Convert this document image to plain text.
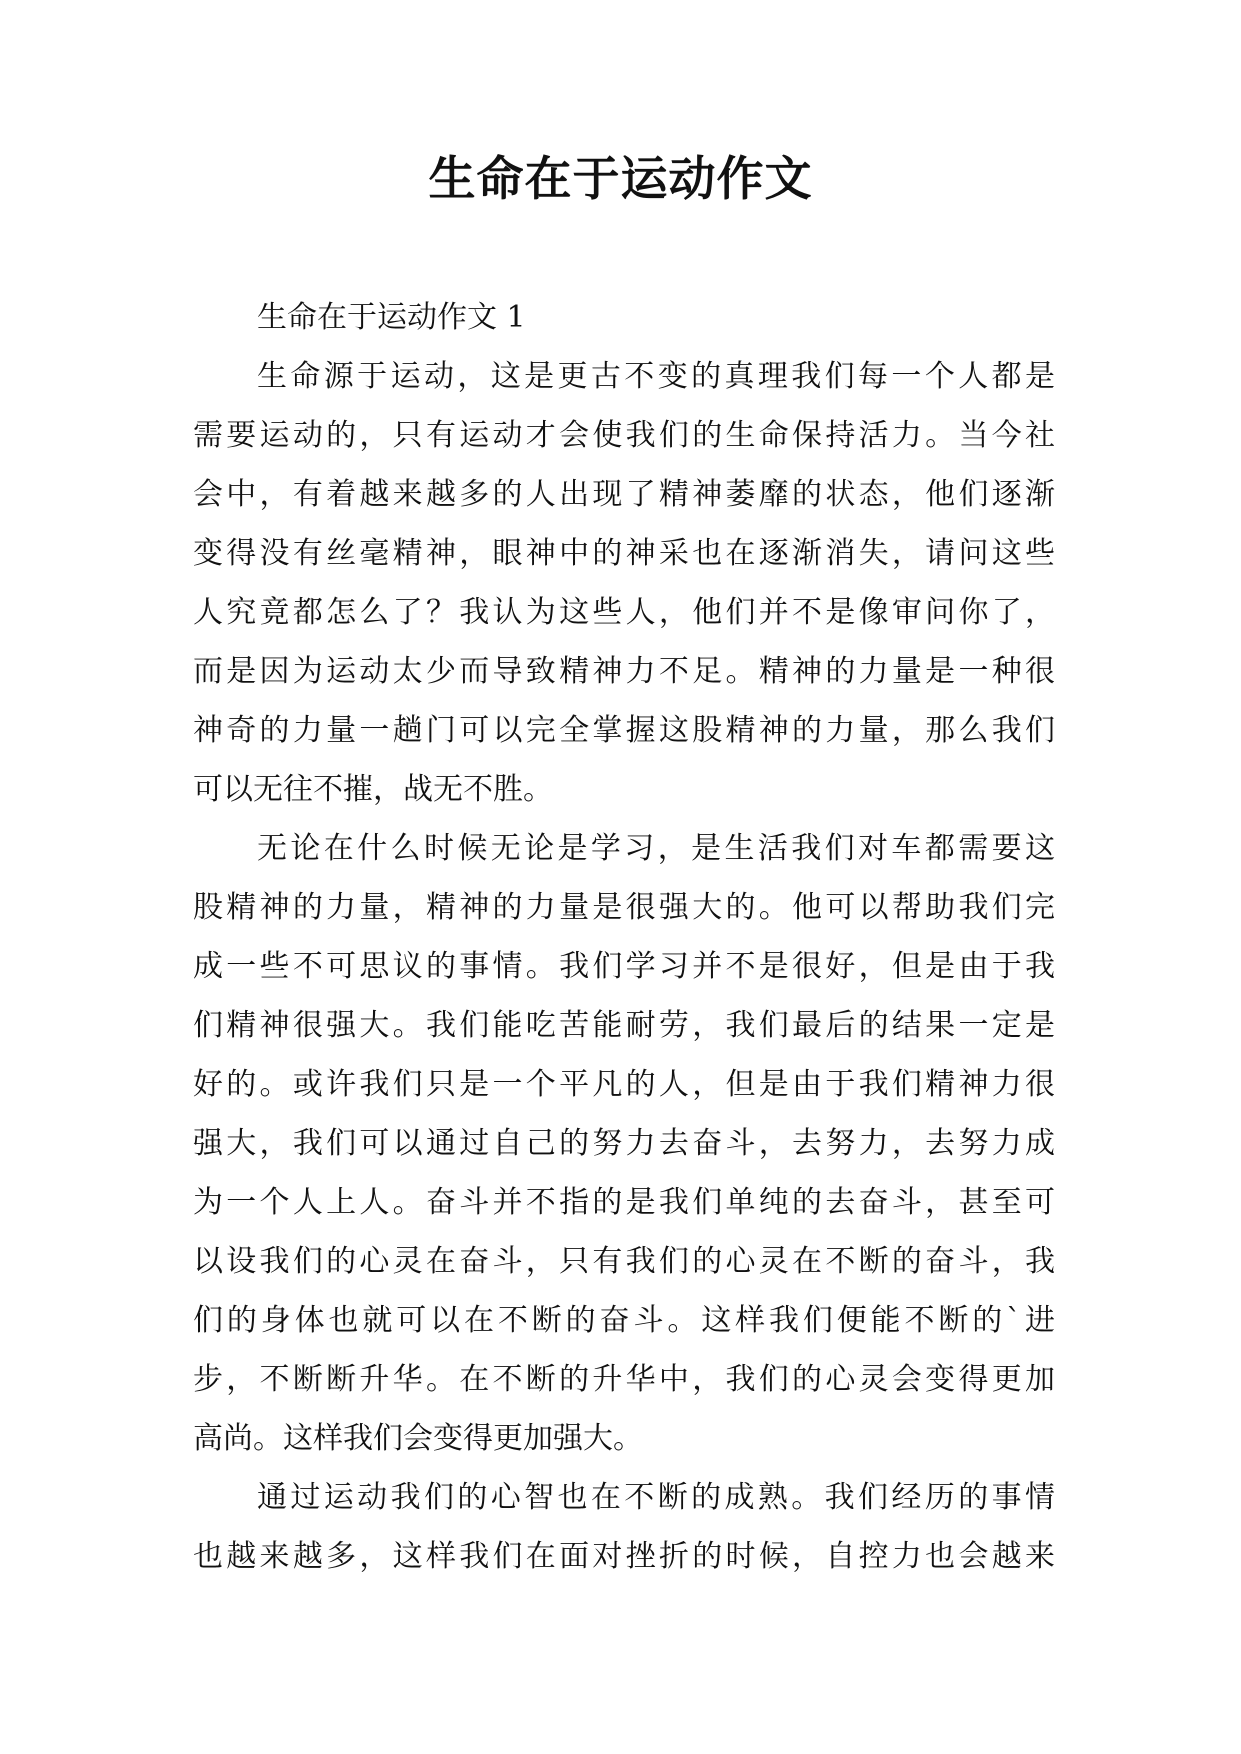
生命在于运动作文

生命在于运动作文 1

生命源于运动，这是更古不变的真理我们每一个人都是

需要运动的，只有运动才会使我们的生命保持活力。当今社

会中，有着越来越多的人出现了精神萎靡的状态，他们逐渐

变得没有丝毫精神，眼神中的神采也在逐渐消失，请问这些

人究竟都怎么了？我认为这些人，他们并不是像审问你了，

而是因为运动太少而导致精神力不足。精神的力量是一种很

神奇的力量一趟门可以完全掌握这股精神的力量，那么我们

可以无往不摧，战无不胜。

无论在什么时候无论是学习，是生活我们对车都需要这

股精神的力量，精神的力量是很强大的。他可以帮助我们完

成一些不可思议的事情。我们学习并不是很好，但是由于我

们精神很强大。我们能吃苦能耐劳，我们最后的结果一定是

好的。或许我们只是一个平凡的人，但是由于我们精神力很

强大，我们可以通过自己的努力去奋斗，去努力，去努力成

为一个人上人。奋斗并不指的是我们单纯的去奋斗，甚至可

以设我们的心灵在奋斗，只有我们的心灵在不断的奋斗，我

们的身体也就可以在不断的奋斗。这样我们便能不断的`进

步，不断断升华。在不断的升华中，我们的心灵会变得更加

高尚。这样我们会变得更加强大。

通过运动我们的心智也在不断的成熟。我们经历的事情

也越来越多，这样我们在面对挫折的时候，自控力也会越来
